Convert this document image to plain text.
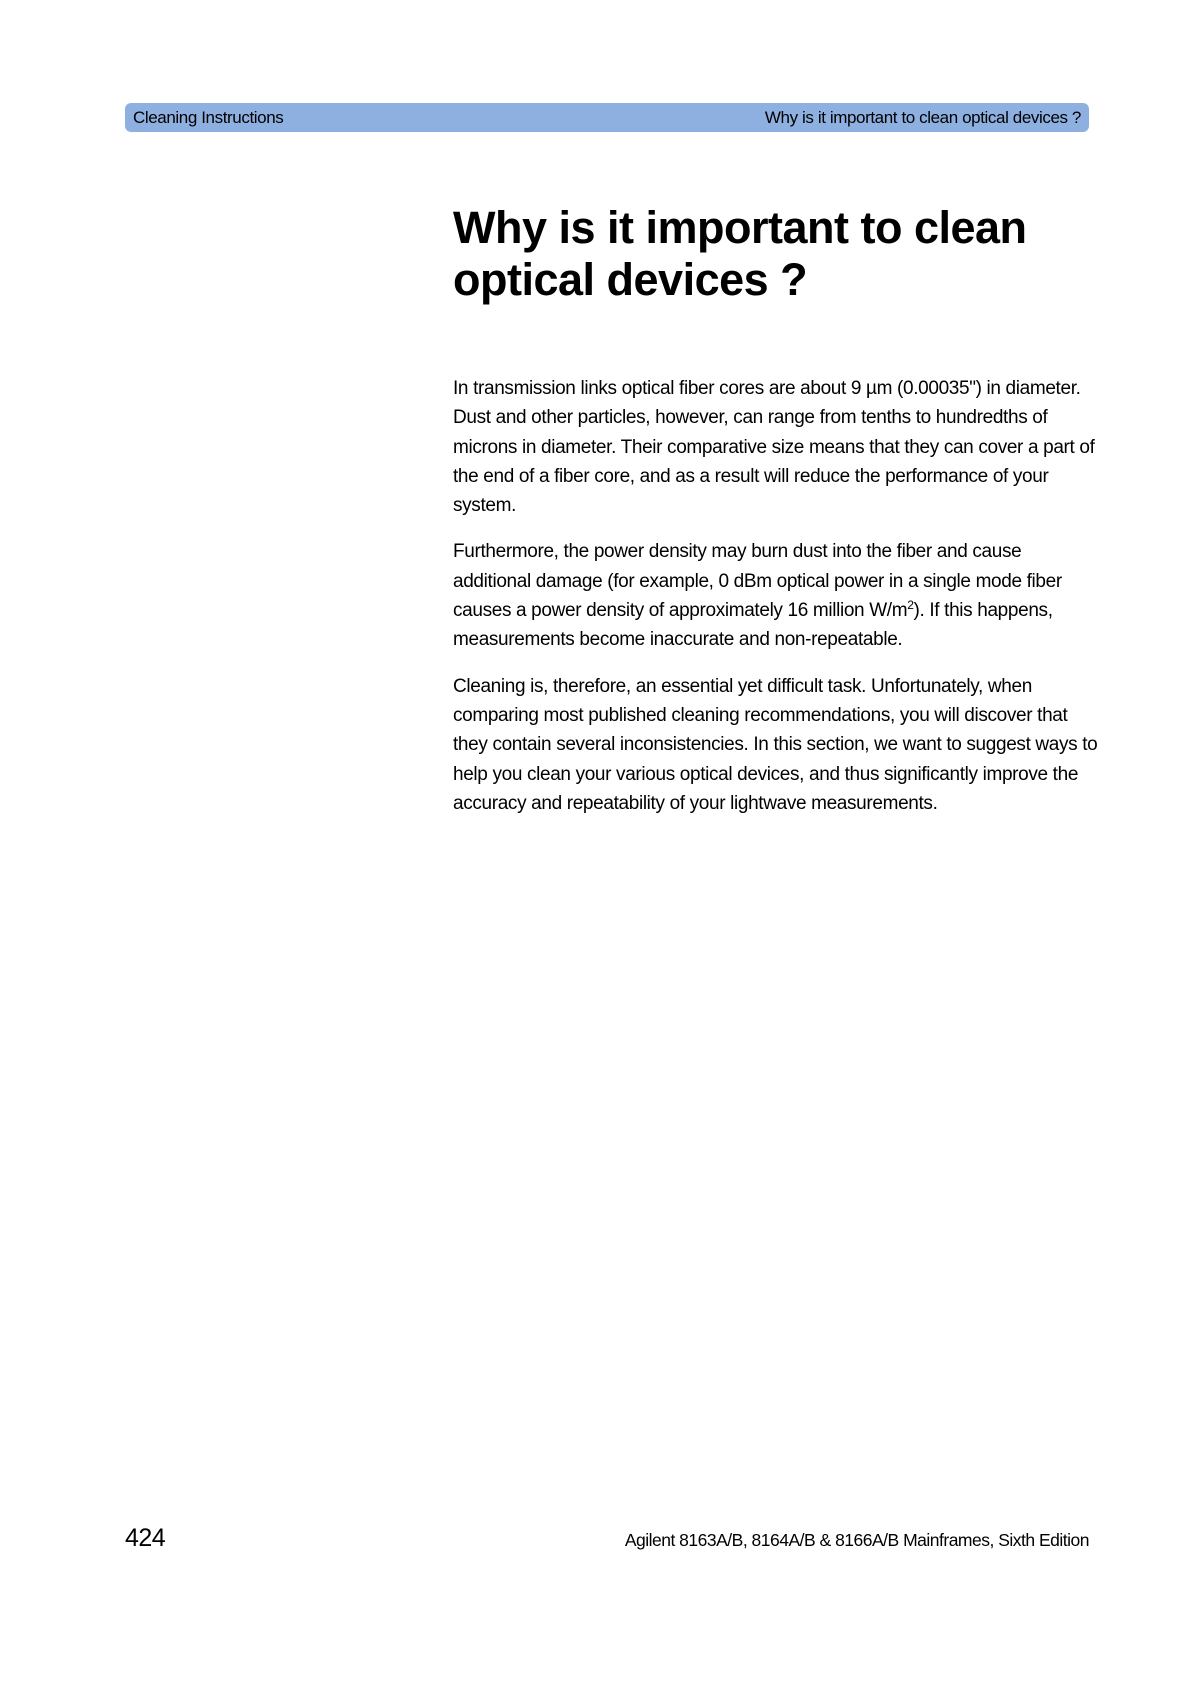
Cleaning Instructions	Why is it important to clean optical devices ?
Why is it important to clean
optical devices ?

In transmission links optical fiber cores are about 9 µm (0.00035") in diameter. Dust and other particles, however, can range from tenths to hundredths of microns in diameter. Their comparative size means that they can cover a part of the end of a fiber core, and as a result will reduce the performance of your system.

Furthermore, the power density may burn dust into the fiber and cause additional damage (for example, 0 dBm optical power in a single mode fiber causes a power density of approximately 16 million $W/m^2$). If this happens, measurements become inaccurate and non-repeatable.

Cleaning is, therefore, an essential yet difficult task. Unfortunately, when comparing most published cleaning recommendations, you will discover that they contain several inconsistencies. In this section, we want to suggest ways to help you clean your various optical devices, and thus significantly improve the accuracy and repeatability of your lightwave measurements.

424	Agilent 8163A/B, 8164A/B & 8166A/B Mainframes, Sixth Edition
